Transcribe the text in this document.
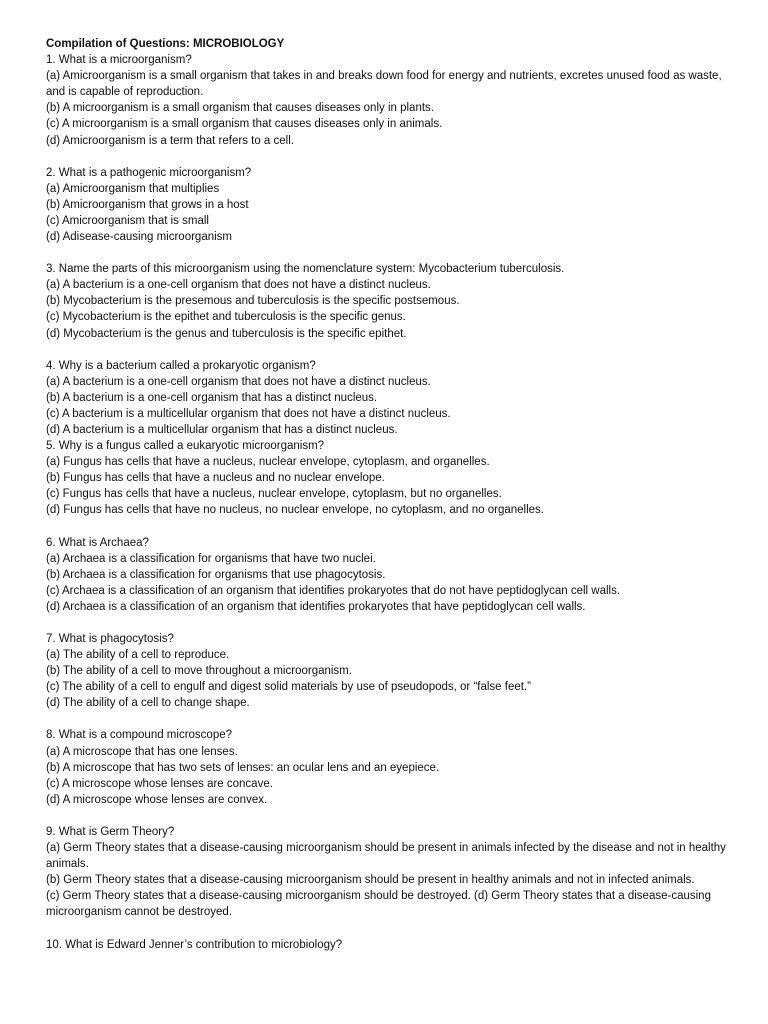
Compilation of Questions: MICROBIOLOGY

1. What is a microorganism?
(a) Amicroorganism is a small organism that takes in and breaks down food for energy and nutrients, excretes unused food as waste, and is capable of reproduction.
(b) A microorganism is a small organism that causes diseases only in plants.
(c) A microorganism is a small organism that causes diseases only in animals.
(d) Amicroorganism is a term that refers to a cell.
2. What is a pathogenic microorganism?
(a) Amicroorganism that multiplies
(b) Amicroorganism that grows in a host
(c) Amicroorganism that is small
(d) Adisease-causing microorganism
3. Name the parts of this microorganism using the nomenclature system: Mycobacterium tuberculosis.
(a) A bacterium is a one-cell organism that does not have a distinct nucleus.
(b) Mycobacterium is the presemous and tuberculosis is the specific postsemous.
(c) Mycobacterium is the epithet and tuberculosis is the specific genus.
(d) Mycobacterium is the genus and tuberculosis is the specific epithet.
4. Why is a bacterium called a prokaryotic organism?
(a) A bacterium is a one-cell organism that does not have a distinct nucleus.
(b) A bacterium is a one-cell organism that has a distinct nucleus.
(c) A bacterium is a multicellular organism that does not have a distinct nucleus.
(d) A bacterium is a multicellular organism that has a distinct nucleus.
5. Why is a fungus called a eukaryotic microorganism?
(a) Fungus has cells that have a nucleus, nuclear envelope, cytoplasm, and organelles.
(b) Fungus has cells that have a nucleus and no nuclear envelope.
(c) Fungus has cells that have a nucleus, nuclear envelope, cytoplasm, but no organelles.
(d) Fungus has cells that have no nucleus, no nuclear envelope, no cytoplasm, and no organelles.
6. What is Archaea?
(a) Archaea is a classification for organisms that have two nuclei.
(b) Archaea is a classification for organisms that use phagocytosis.
(c) Archaea is a classification of an organism that identifies prokaryotes that do not have peptidoglycan cell walls.
(d) Archaea is a classification of an organism that identifies prokaryotes that have peptidoglycan cell walls.
7. What is phagocytosis?
(a) The ability of a cell to reproduce.
(b) The ability of a cell to move throughout a microorganism.
(c) The ability of a cell to engulf and digest solid materials by use of pseudopods, or “false feet.”
(d) The ability of a cell to change shape.
8. What is a compound microscope?
(a) A microscope that has one lenses.
(b) A microscope that has two sets of lenses: an ocular lens and an eyepiece.
(c) A microscope whose lenses are concave.
(d) A microscope whose lenses are convex.
9. What is Germ Theory?
(a) Germ Theory states that a disease-causing microorganism should be present in animals infected by the disease and not in healthy animals.
(b) Germ Theory states that a disease-causing microorganism should be present in healthy animals and not in infected animals.
(c) Germ Theory states that a disease-causing microorganism should be destroyed. (d) Germ Theory states that a disease-causing microorganism cannot be destroyed.
10. What is Edward Jenner’s contribution to microbiology?
